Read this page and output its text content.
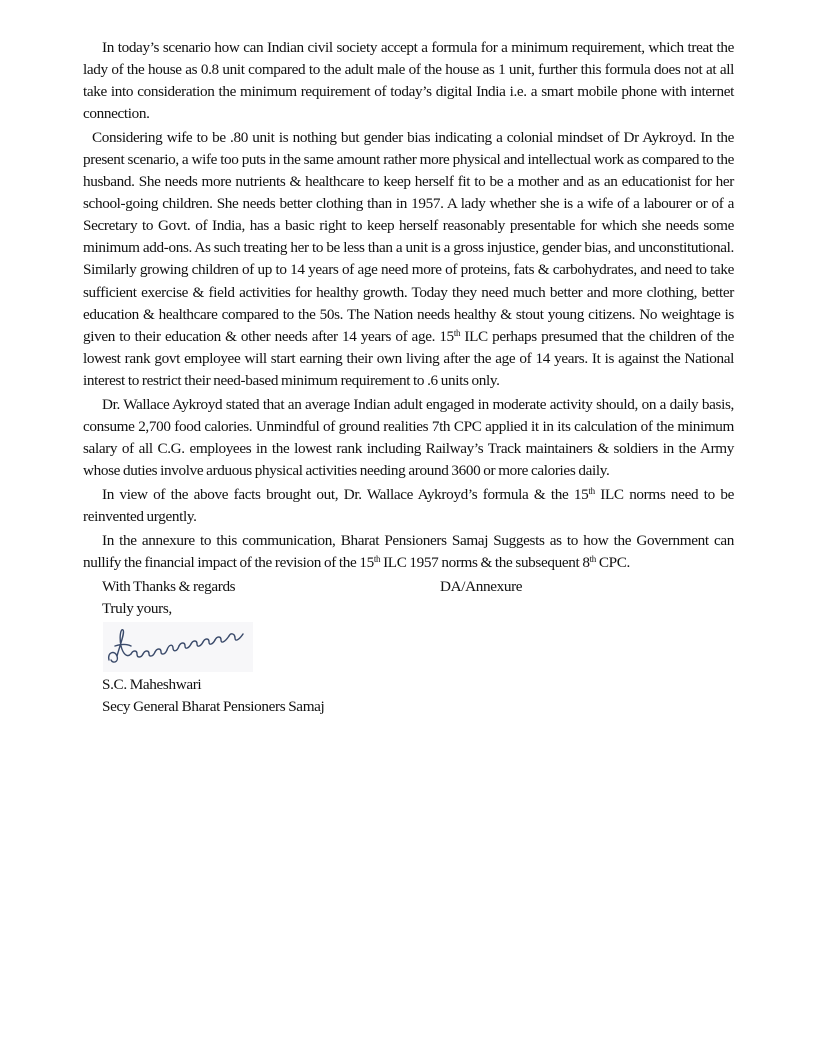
In today’s scenario how can Indian civil society accept a formula for a minimum requirement, which treat the lady of the house as 0.8 unit compared to the adult male of the house as 1 unit, further this formula does not at all take into consideration the minimum requirement of today’s digital India i.e. a smart mobile phone with internet connection.

Considering wife to be .80 unit is nothing but gender bias indicating a colonial mindset of Dr Aykroyd. In the present scenario, a wife too puts in the same amount rather more physical and intellectual work as compared to the husband. She needs more nutrients & healthcare to keep herself fit to be a mother and as an educationist for her school-going children. She needs better clothing than in 1957. A lady whether she is a wife of a labourer or of a Secretary to Govt. of India, has a basic right to keep herself reasonably presentable for which she needs some minimum add-ons. As such treating her to be less than a unit is a gross injustice, gender bias, and unconstitutional. Similarly growing children of up to 14 years of age need more of proteins, fats & carbohydrates, and need to take sufficient exercise & field activities for healthy growth. Today they need much better and more clothing, better education & healthcare compared to the 50s. The Nation needs healthy & stout young citizens. No weightage is given to their education & other needs after 14 years of age. 15th ILC perhaps presumed that the children of the lowest rank govt employee will start earning their own living after the age of 14 years. It is against the National interest to restrict their need-based minimum requirement to .6 units only.

Dr. Wallace Aykroyd stated that an average Indian adult engaged in moderate activity should, on a daily basis, consume 2,700 food calories. Unmindful of ground realities 7th CPC applied it in its calculation of the minimum salary of all C.G. employees in the lowest rank including Railway’s Track maintainers & soldiers in the Army whose duties involve arduous physical activities needing around 3600 or more calories daily.

In view of the above facts brought out, Dr. Wallace Aykroyd’s formula & the 15th ILC norms need to be reinvented urgently.

In the annexure to this communication, Bharat Pensioners Samaj Suggests as to how the Government can nullify the financial impact of the revision of the 15th ILC 1957 norms & the subsequent 8th CPC.

With Thanks & regards	DA/Annexure
Truly yours,
S.C. Maheshwari
Secy General Bharat Pensioners Samaj
